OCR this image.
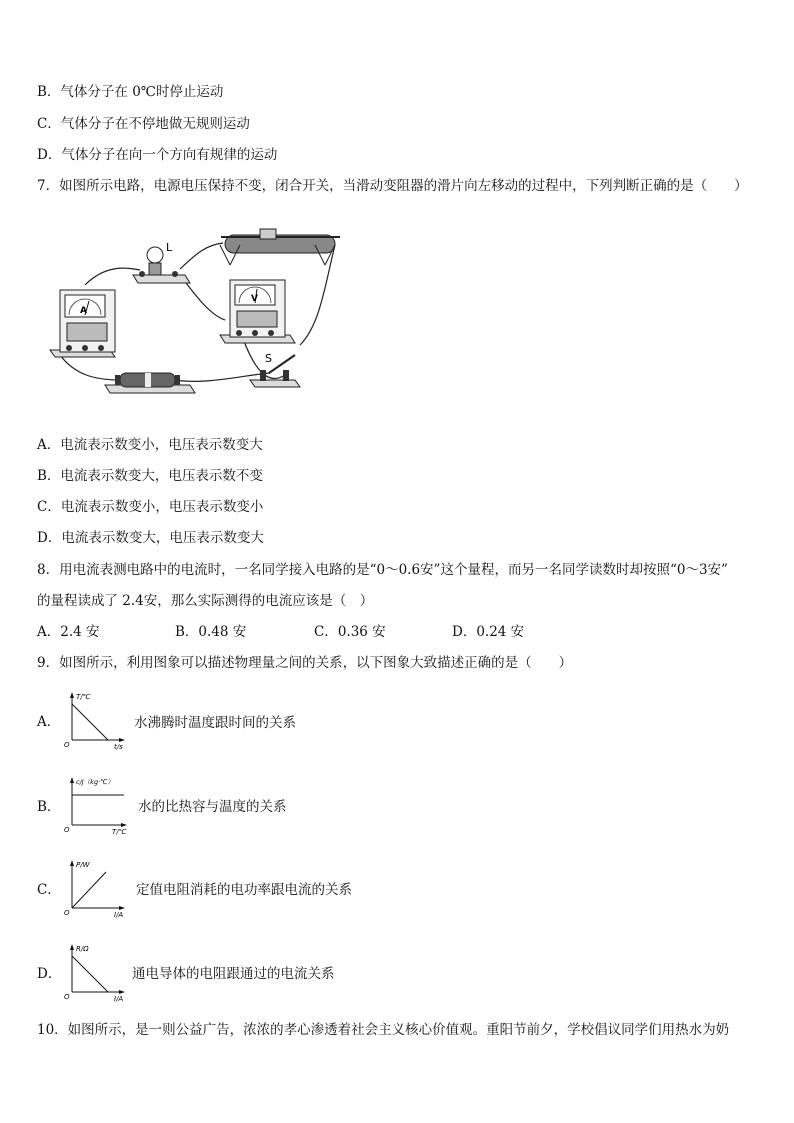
B．气体分子在 0℃时停止运动
C．气体分子在不停地做无规则运动
D．气体分子在向一个方向有规律的运动
7．如图所示电路，电源电压保持不变，闭合开关，当滑动变阻器的滑片向左移动的过程中，下列判断正确的是（　　）
A
L
V
S
A．电流表示数变小，电压表示数变大
B．电流表示数变大，电压表示数不变
C．电流表示数变小，电压表示数变小
D．电流表示数变大，电压表示数变大
8．用电流表测电路中的电流时，一名同学接入电路的是“0～0.6安”这个量程，而另一名同学读数时却按照“0～3安”
的量程读成了 2.4安，那么实际测得的电流应该是（　）
A．2.4 安	B．0.48 安	C．0.36 安	D．0.24 安
9．如图所示，利用图象可以描述物理量之间的关系，以下图象大致描述正确的是（　　）
A．
T/℃
O	t/s
水沸腾时温度跟时间的关系
B．
c/J（kg·℃）
O	T/℃
水的比热容与温度的关系
C．
P/W
O	I/A
定值电阻消耗的电功率跟电流的关系
D．
R/Ω
O	I/A
通电导体的电阻跟通过的电流关系
10．如图所示，是一则公益广告，浓浓的孝心渗透着社会主义核心价值观。重阳节前夕，学校倡议同学们用热水为奶
